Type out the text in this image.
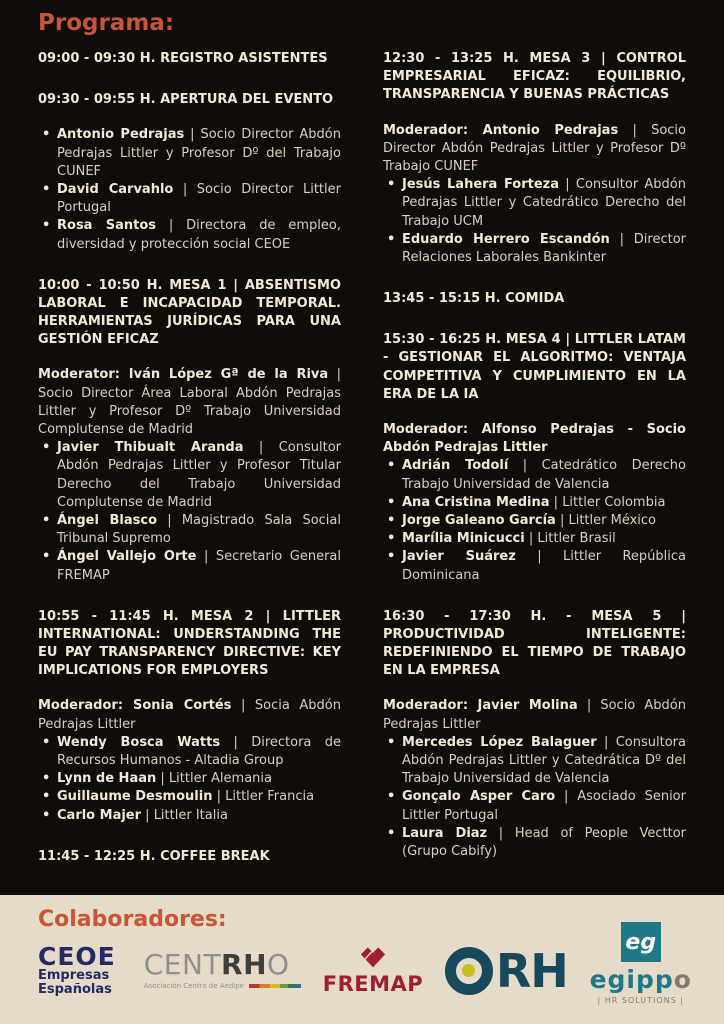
Programa:
09:00 - 09:30 H. REGISTRO ASISTENTES
09:30 - 09:55 H. APERTURA DEL EVENTO
• Antonio Pedrajas | Socio Director Abdón Pedrajas Littler y Profesor Dº del Trabajo CUNEF
• David Carvahlo | Socio Director Littler Portugal
• Rosa Santos | Directora de empleo, diversidad y protección social CEOE
10:00 - 10:50 H. MESA 1 | ABSENTISMO LABORAL E INCAPACIDAD TEMPORAL. HERRAMIENTAS JURÍDICAS PARA UNA GESTIÓN EFICAZ

Moderator: Iván López Gª de la Riva | Socio Director Área Laboral Abdón Pedrajas Littler y Profesor Dº Trabajo Universidad Complutense de Madrid

• Javier Thibualt Aranda | Consultor Abdón Pedrajas Littler y Profesor Titular Derecho del Trabajo Universidad Complutense de Madrid
• Ángel Blasco | Magistrado Sala Social Tribunal Supremo
• Ángel Vallejo Orte | Secretario General FREMAP
10:55 - 11:45 H. MESA 2 | LITTLER INTERNATIONAL: UNDERSTANDING THE EU PAY TRANSPARENCY DIRECTIVE: KEY IMPLICATIONS FOR EMPLOYERS

Moderador: Sonia Cortés | Socia Abdón Pedrajas Littler

• Wendy Bosca Watts | Directora de Recursos Humanos - Altadia Group
• Lynn de Haan | Littler Alemania
• Guillaume Desmoulin | Littler Francia
• Carlo Majer | Littler Italia
11:45 - 12:25 H. COFFEE BREAK
12:30 - 13:25 H. MESA 3 | CONTROL EMPRESARIAL EFICAZ: EQUILIBRIO, TRANSPARENCIA Y BUENAS PRÁCTICAS

Moderador: Antonio Pedrajas | Socio Director Abdón Pedrajas Littler y Profesor Dº Trabajo CUNEF

• Jesús Lahera Forteza | Consultor Abdón Pedrajas Littler y Catedrático Derecho del Trabajo UCM
• Eduardo Herrero Escandón | Director Relaciones Laborales Bankinter
13:45 - 15:15 H. COMIDA
15:30 - 16:25 H. MESA 4 | LITTLER LATAM - GESTIONAR EL ALGORITMO: VENTAJA COMPETITIVA Y CUMPLIMIENTO EN LA ERA DE LA IA

Moderador: Alfonso Pedrajas - Socio Abdón Pedrajas Littler

• Adrián Todolí | Catedrático Derecho Trabajo Universidad de Valencia
• Ana Cristina Medina | Littler Colombia
• Jorge Galeano García | Littler México
• Marília Minicucci | Littler Brasil
• Javier Suárez | Littler República Dominicana
16:30 - 17:30 H. - MESA 5 | PRODUCTIVIDAD INTELIGENTE: REDEFINIENDO EL TIEMPO DE TRABAJO EN LA EMPRESA

Moderador: Javier Molina | Socio Abdón Pedrajas Littler

• Mercedes López Balaguer | Consultora Abdón Pedrajas Littler y Catedrática Dº del Trabajo Universidad de Valencia
• Gonçalo Asper Caro | Asociado Senior Littler Portugal
• Laura Diaz | Head of People Vecttor (Grupo Cabify)
Colaboradores:
CEOE
Empresas Españolas
CENTRHO
Asociación Centro de Aedipe	FREMAP RH
eg
egippo
| HR SOLUTIONS |
